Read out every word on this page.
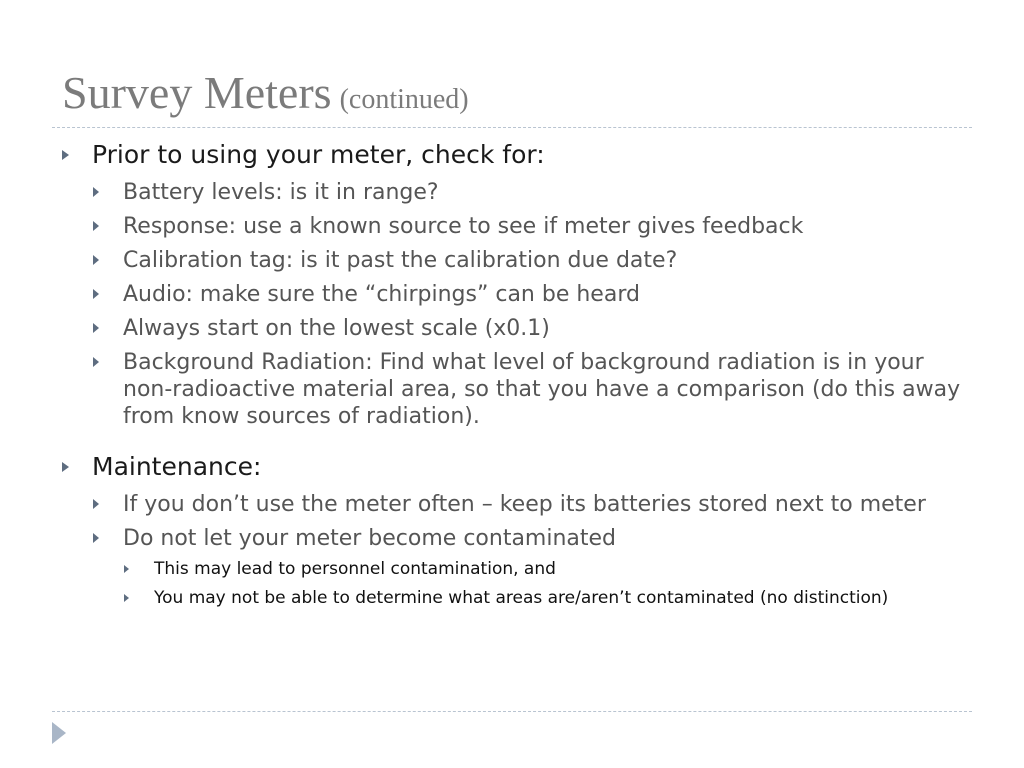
Survey Meters (continued)
Prior to using your meter, check for:
Battery levels: is it in range?
Response: use a known source to see if meter gives feedback
Calibration tag: is it past the calibration due date?
Audio: make sure the “chirpings” can be heard
Always start on the lowest scale (x0.1)
Background Radiation: Find what level of background radiation is in your non-radioactive material area, so that you have a comparison (do this away from know sources of radiation).
Maintenance:
If you don’t use the meter often – keep its batteries stored next to meter
Do not let your meter become contaminated
This may lead to personnel contamination, and
You may not be able to determine what areas are/aren’t contaminated (no distinction)
